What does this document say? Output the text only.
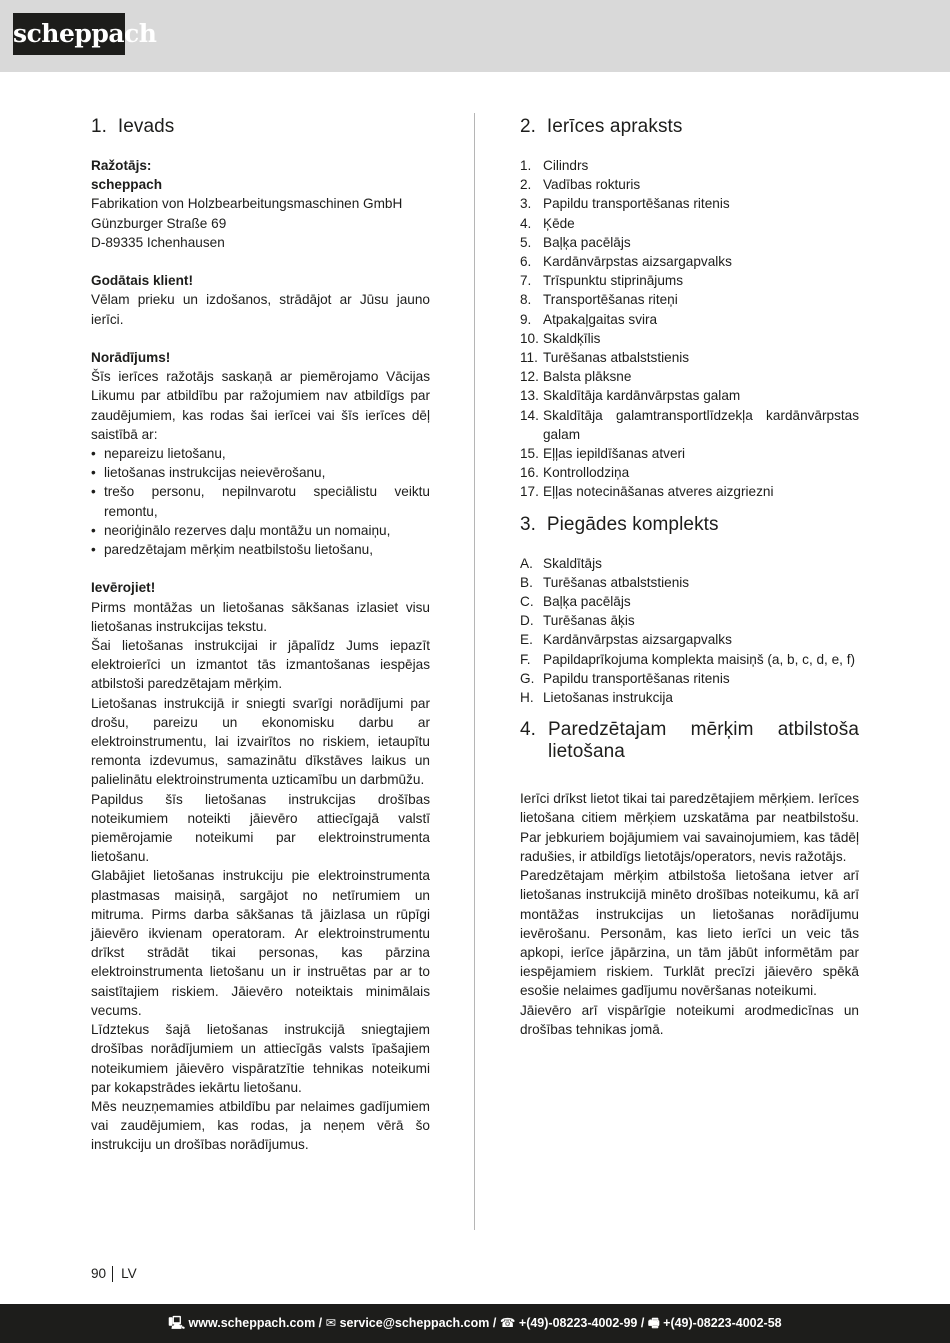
scheppach
1. Ievads

Ražotājs:

scheppach

Fabrikation von Holzbearbeitungsmaschinen GmbH

Günzburger Straße 69

D-89335 Ichenhausen

Godātais klient!

Vēlam prieku un izdošanos, strādājot ar Jūsu jauno ierīci.

Norādījums!

Šīs ierīces ražotājs saskaņā ar piemērojamo Vācijas Likumu par atbildību par ražojumiem nav atbildīgs par zaudējumiem, kas rodas šai ierīcei vai šīs ierīces dēļ saistībā ar:

• nepareizu lietošanu,
• lietošanas instrukcijas neievērošanu,
• trešo personu, nepilnvarotu speciālistu veiktu remontu,
• neoriģinālo rezerves daļu montāžu un nomaiņu,
• paredzētajam mērķim neatbilstošu lietošanu,

Ievērojiet!

Pirms montāžas un lietošanas sākšanas izlasiet visu lietošanas instrukcijas tekstu.

Šai lietošanas instrukcijai ir jāpalīdz Jums iepazīt elektroierīci un izmantot tās izmantošanas iespējas atbilstoši paredzētajam mērķim.

Lietošanas instrukcijā ir sniegti svarīgi norādījumi par drošu, pareizu un ekonomisku darbu ar elektroinstrumentu, lai izvairītos no riskiem, ietaupītu remonta izdevumus, samazinātu dīkstāves laikus un palielinātu elektroinstrumenta uzticamību un darbmūžu.

Papildus šīs lietošanas instrukcijas drošības noteikumiem noteikti jāievēro attiecīgajā valstī piemērojamie noteikumi par elektroinstrumenta lietošanu.

Glabājiet lietošanas instrukciju pie elektroinstrumenta plastmasas maisiņā, sargājot no netīrumiem un mitruma. Pirms darba sākšanas tā jāizlasa un rūpīgi jāievēro ikvienam operatoram. Ar elektroinstrumentu drīkst strādāt tikai personas, kas pārzina elektroinstrumenta lietošanu un ir instruētas par ar to saistītajiem riskiem. Jāievēro noteiktais minimālais vecums.

Līdztekus šajā lietošanas instrukcijā sniegtajiem drošības norādījumiem un attiecīgās valsts īpašajiem noteikumiem jāievēro vispāratzītie tehnikas noteikumi par kokapstrādes iekārtu lietošanu.

Mēs neuzņemamies atbildību par nelaimes gadījumiem vai zaudējumiem, kas rodas, ja neņem vērā šo instrukciju un drošības norādījumus.

2. Ierīces apraksts
1. Cilindrs
2. Vadības rokturis
3. Papildu transportēšanas ritenis
4. Ķēde
5. Baļķa pacēlājs
6. Kardānvārpstas aizsargapvalks
7. Trīspunktu stiprinājums
8. Transportēšanas riteņi
9. Atpakaļgaitas svira
10. Skaldķīlis
11. Turēšanas atbalststienis
12. Balsta plāksne
13. Skaldītāja kardānvārpstas galam
14. Skaldītāja galamtransportlīdzekļa kardānvārpstas galam
15. Eļļas iepildīšanas atveri
16. Kontrollodziņa
17. Eļļas notecināšanas atveres aizgriezni
3. Piegādes komplekts
A. Skaldītājs
B. Turēšanas atbalststienis
C. Baļķa pacēlājs
D. Turēšanas āķis
E. Kardānvārpstas aizsargapvalks
F. Papildaprīkojuma komplekta maisiņš (a, b, c, d, e, f)
G. Papildu transportēšanas ritenis
H. Lietošanas instrukcija
4. Paredzētajam mērķim atbilstoša lietošana

Ierīci drīkst lietot tikai tai paredzētajiem mērķiem. Ierīces lietošana citiem mērķiem uzskatāma par neatbilstošu. Par jebkuriem bojājumiem vai savainojumiem, kas tādēļ radušies, ir atbildīgs lietotājs/operators, nevis ražotājs.

Paredzētajam mērķim atbilstoša lietošana ietver arī lietošanas instrukcijā minēto drošības noteikumu, kā arī montāžas instrukcijas un lietošanas norādījumu ievērošanu. Personām, kas lieto ierīci un veic tās apkopi, ierīce jāpārzina, un tām jābūt informētām par iespējamiem riskiem. Turklāt precīzi jāievēro spēkā esošie nelaimes gadījumu novēršanas noteikumi.

Jāievēro arī vispārīgie noteikumi arodmedicīnas un drošības tehnikas jomā.

90 LV
🖳 www.scheppach.com / ✉ service@scheppach.com / ☎ +(49)-08223-4002-99 / 🖷 +(49)-08223-4002-58
